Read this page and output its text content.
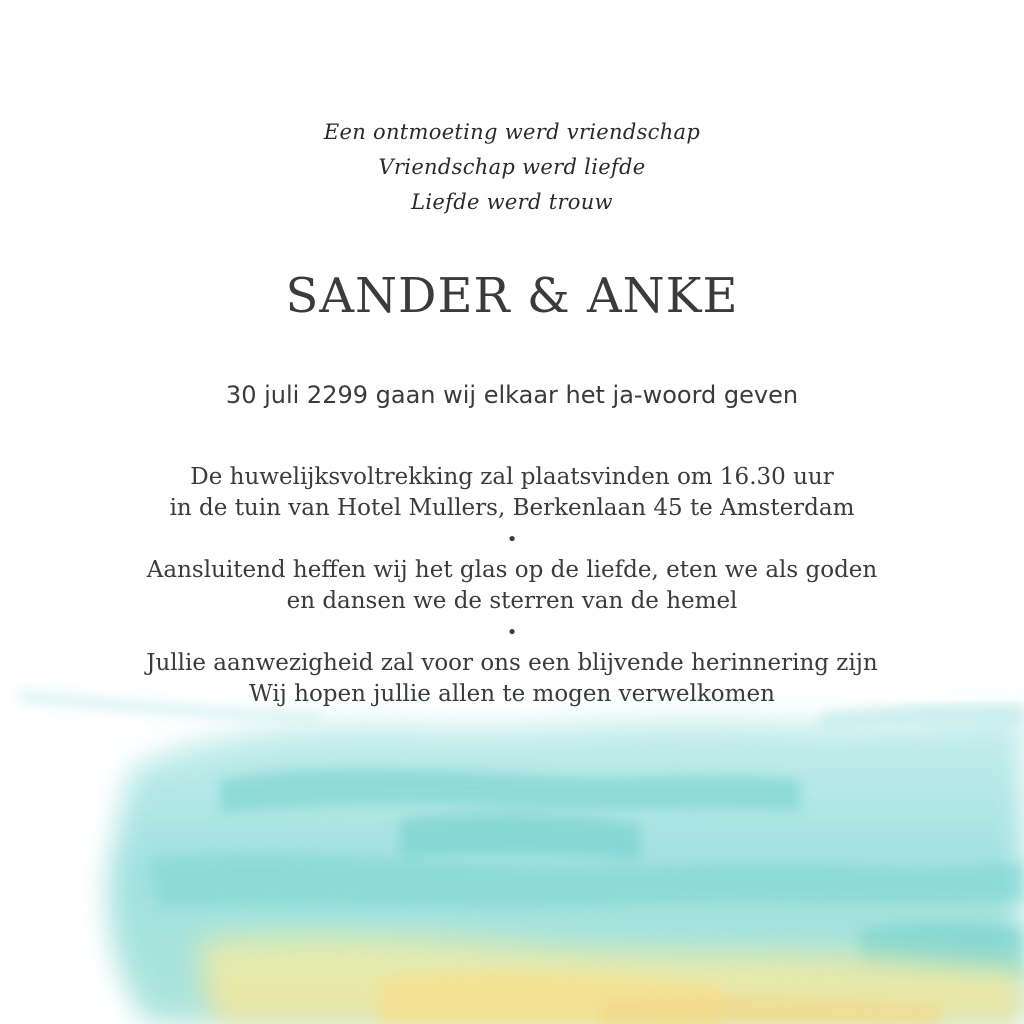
Een ontmoeting werd vriendschap
Vriendschap werd liefde
Liefde werd trouw
SANDER & ANKE
30 juli 2299 gaan wij elkaar het ja-woord geven
De huwelijksvoltrekking zal plaatsvinden om 16.30 uur
in de tuin van Hotel Mullers, Berkenlaan 45 te Amsterdam
•
Aansluitend heffen wij het glas op de liefde, eten we als goden
en dansen we de sterren van de hemel
•
Jullie aanwezigheid zal voor ons een blijvende herinnering zijn
Wij hopen jullie allen te mogen verwelkomen
